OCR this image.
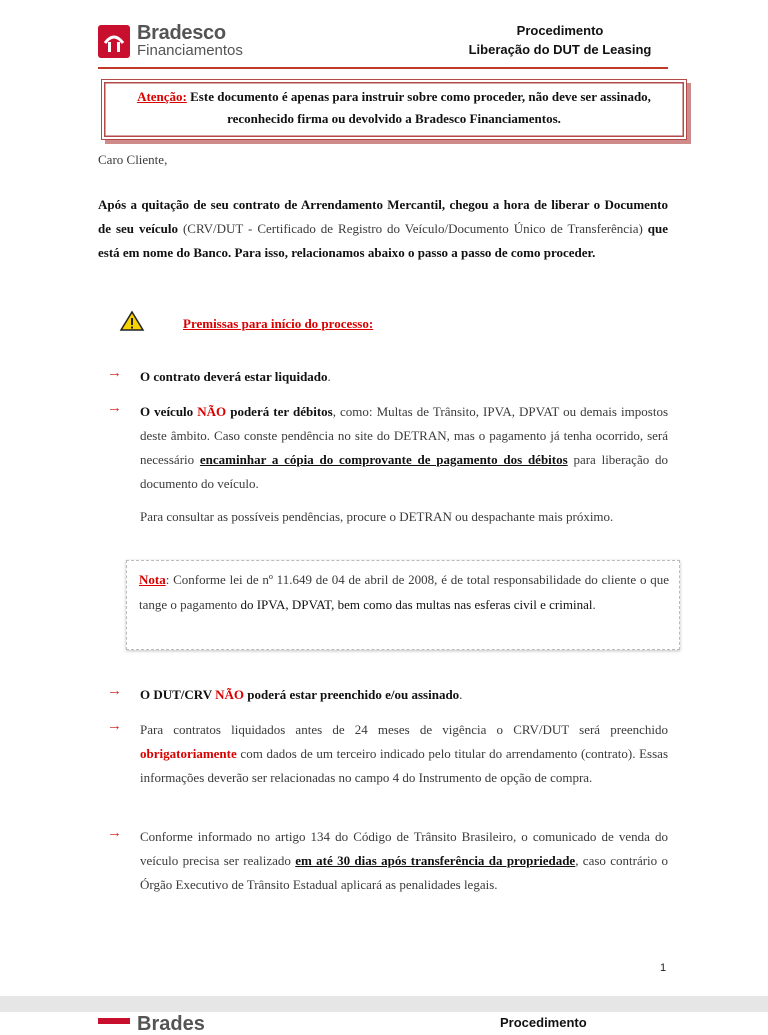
Bradesco
Financiamentos
Procedimento
Liberação do DUT de Leasing

Atenção: Este documento é apenas para instruir sobre como proceder, não deve ser assinado, reconhecido firma ou devolvido a Bradesco Financiamentos.

Caro Cliente,
Após a quitação de seu contrato de Arrendamento Mercantil, chegou a hora de liberar o Documento de seu veículo (CRV/DUT - Certificado de Registro do Veículo/Documento Único de Transferência) que está em nome do Banco. Para isso, relacionamos abaixo o passo a passo de como proceder.
Premissas para início do processo:
→ O contrato deverá estar liquidado.
→ O veículo NÃO poderá ter débitos, como: Multas de Trânsito, IPVA, DPVAT ou demais impostos deste âmbito. Caso conste pendência no site do DETRAN, mas o pagamento já tenha ocorrido, será necessário encaminhar a cópia do comprovante de pagamento dos débitos para liberação do documento do veículo.
Para consultar as possíveis pendências, procure o DETRAN ou despachante mais próximo.

Nota: Conforme lei de nº 11.649 de 04 de abril de 2008, é de total responsabilidade do cliente o que tange o pagamento do IPVA, DPVAT, bem como das multas nas esferas civil e criminal.

→ O DUT/CRV NÃO poderá estar preenchido e/ou assinado.
→ Para contratos liquidados antes de 24 meses de vigência o CRV/DUT será preenchido obrigatoriamente com dados de um terceiro indicado pelo titular do arrendamento (contrato). Essas informações deverão ser relacionadas no campo 4 do Instrumento de opção de compra.
→ Conforme informado no artigo 134 do Código de Trânsito Brasileiro, o comunicado de venda do veículo precisa ser realizado em até 30 dias após transferência da propriedade, caso contrário o Órgão Executivo de Trânsito Estadual aplicará as penalidades legais.
1
Brades	Procedimento
